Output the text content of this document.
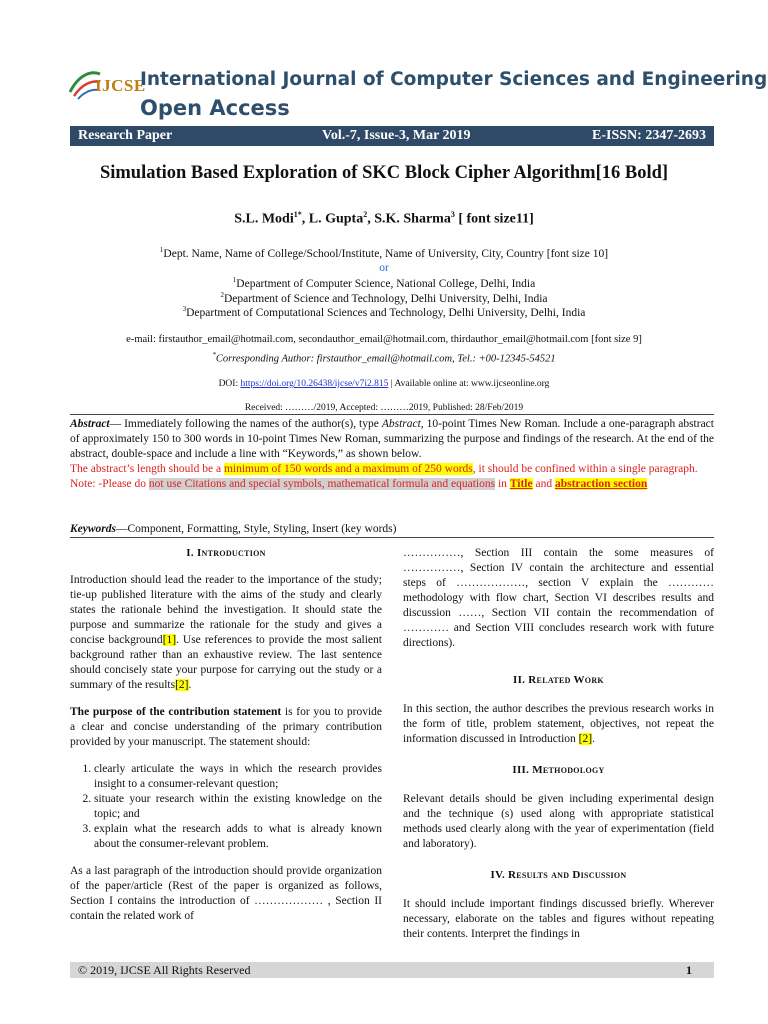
IJCSE
International Journal of Computer Sciences and Engineering
Open Access
Research Paper	Vol.-7, Issue-3, Mar 2019	E-ISSN: 2347-2693
Simulation Based Exploration of SKC Block Cipher Algorithm[16 Bold]
S.L. Modi$^{1*}$, L. Gupta$^2$, S.K. Sharma$^3$ [ font size11]
$^1$Dept. Name, Name of College/School/Institute, Name of University, City, Country [font size 10]
or
$^1$Department of Computer Science, National College, Delhi, India
$^2$Department of Science and Technology, Delhi University, Delhi, India
$^3$Department of Computational Sciences and Technology, Delhi University, Delhi, India
e-mail: firstauthor_email@hotmail.com, secondauthor_email@hotmail.com, thirdauthor_email@hotmail.com [font size 9]
*Corresponding Author: firstauthor_email@hotmail.com, Tel.: +00-12345-54521
DOI: https://doi.org/10.26438/ijcse/v7i2.815 | Available online at: www.ijcseonline.org
Received: ………/2019, Accepted: ………2019, Published: 28/Feb/2019

Abstract— Immediately following the names of the author(s), type Abstract, 10-point Times New Roman. Include a one-paragraph abstract of approximately 150 to 300 words in 10-point Times New Roman, summarizing the purpose and findings of the research. At the end of the abstract, double-space and include a line with “Keywords,” as shown below.

The abstract’s length should be a minimum of 150 words and a maximum of 250 words, it should be confined within a single paragraph.

Note: -Please do not use Citations and special symbols, mathematical formula and equations in Title and abstraction section

Keywords—Component, Formatting, Style, Styling, Insert (key words)
I. Introduction

Introduction should lead the reader to the importance of the study; tie-up published literature with the aims of the study and clearly states the rationale behind the investigation. It should state the purpose and summarize the rationale for the study and gives a concise background[1]. Use references to provide the most salient background rather than an exhaustive review. The last sentence should concisely state your purpose for carrying out the study or a summary of the results[2].

The purpose of the contribution statement is for you to provide a clear and concise understanding of the primary contribution provided by your manuscript. The statement should:

1. clearly articulate the ways in which the research provides insight to a consumer-relevant question;
2. situate your research within the existing knowledge on the topic; and
3. explain what the research adds to what is already known about the consumer-relevant problem.

As a last paragraph of the introduction should provide organization of the paper/article (Rest of the paper is organized as follows, Section I contains the introduction of ……………… , Section II contain the related work of

……………, Section III contain the some measures of ……………, Section IV contain the architecture and essential steps of ………………, section V explain the ………… methodology with flow chart, Section VI describes results and discussion ……, Section VII contain the recommendation of ………… and Section VIII concludes research work with future directions).

II. Related Work

In this section, the author describes the previous research works in the form of title, problem statement, objectives, not repeat the information discussed in Introduction [2].

III. Methodology

Relevant details should be given including experimental design and the technique (s) used along with appropriate statistical methods used clearly along with the year of experimentation (field and laboratory).

IV. Results and Discussion

It should include important findings discussed briefly. Wherever necessary, elaborate on the tables and figures without repeating their contents. Interpret the findings in

© 2019, IJCSE All Rights Reserved	1
